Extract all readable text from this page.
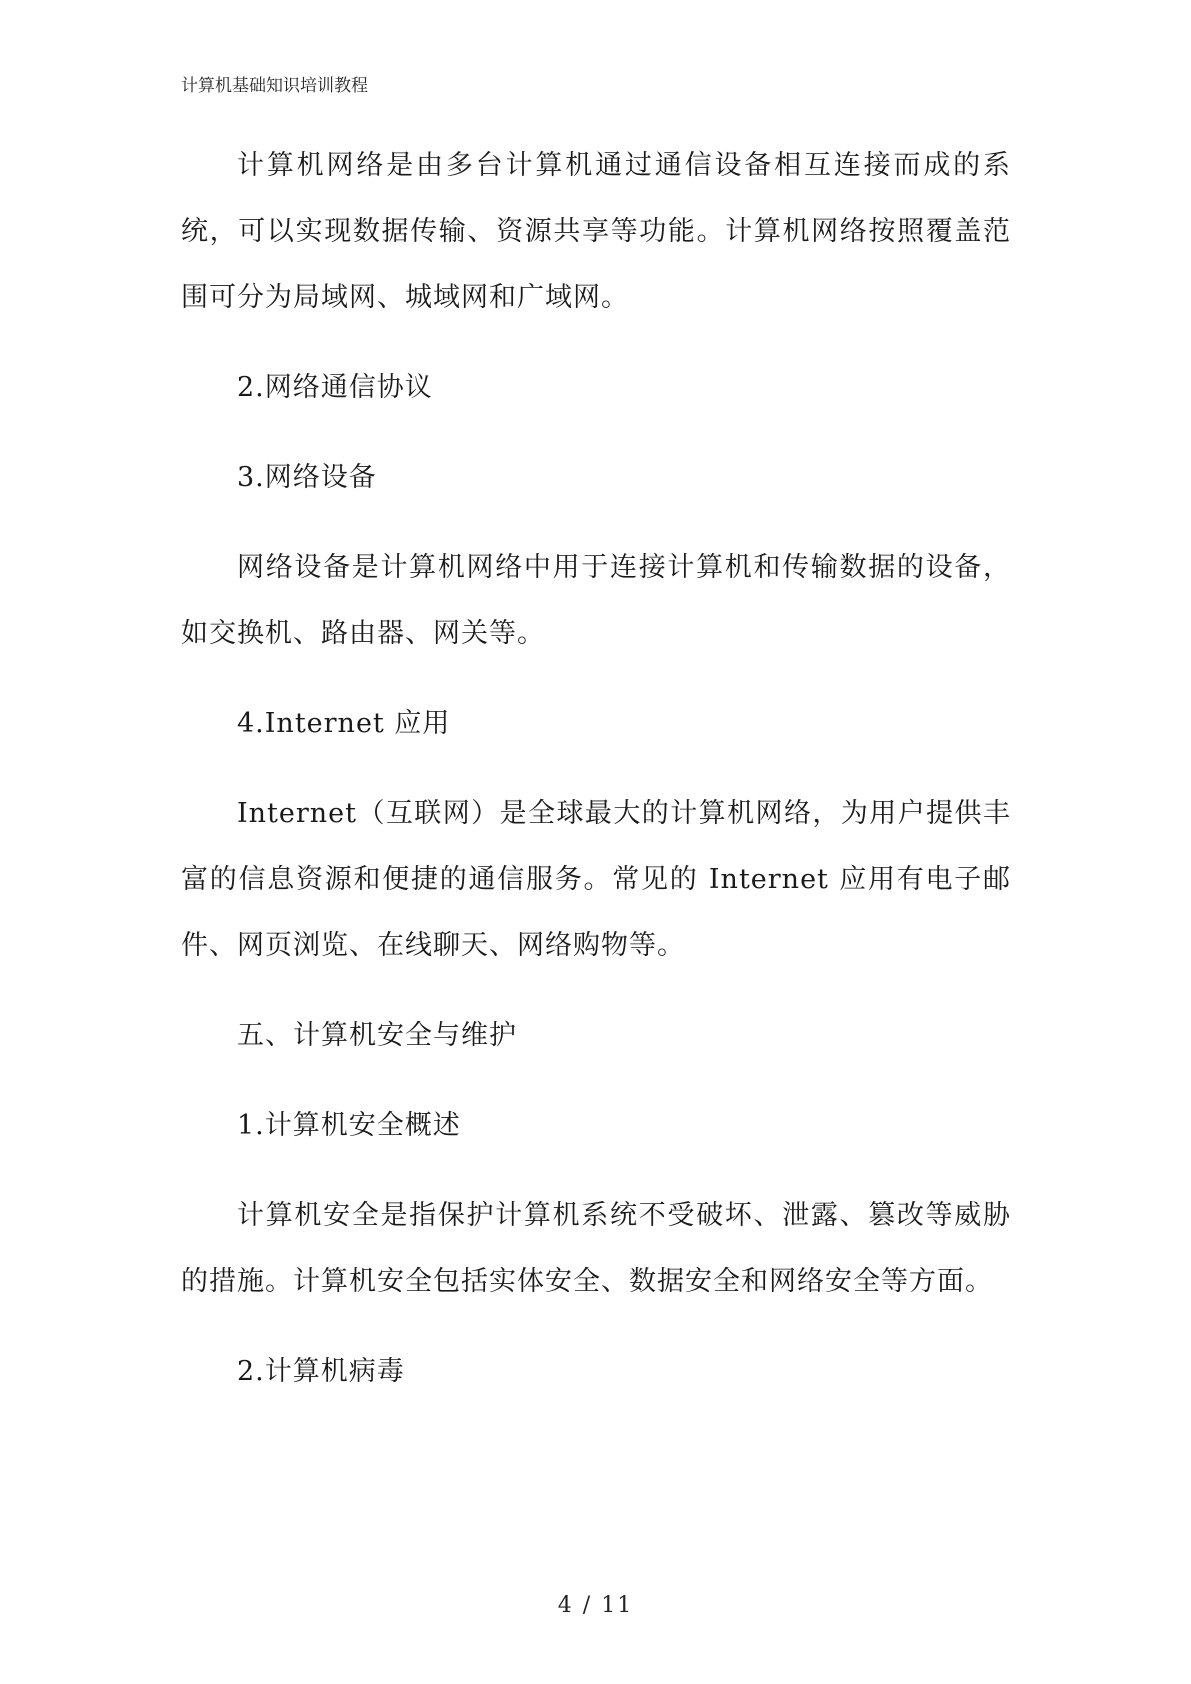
计算机基础知识培训教程

计算机网络是由多台计算机通过通信设备相互连接而成的系统，可以实现数据传输、资源共享等功能。计算机网络按照覆盖范围可分为局域网、城域网和广域网。

2.网络通信协议

3.网络设备

网络设备是计算机网络中用于连接计算机和传输数据的设备，如交换机、路由器、网关等。

4.Internet 应用

Internet（互联网）是全球最大的计算机网络，为用户提供丰富的信息资源和便捷的通信服务。常见的 Internet 应用有电子邮件、网页浏览、在线聊天、网络购物等。

五、计算机安全与维护

1.计算机安全概述

计算机安全是指保护计算机系统不受破坏、泄露、篡改等威胁的措施。计算机安全包括实体安全、数据安全和网络安全等方面。

2.计算机病毒

4 / 11
